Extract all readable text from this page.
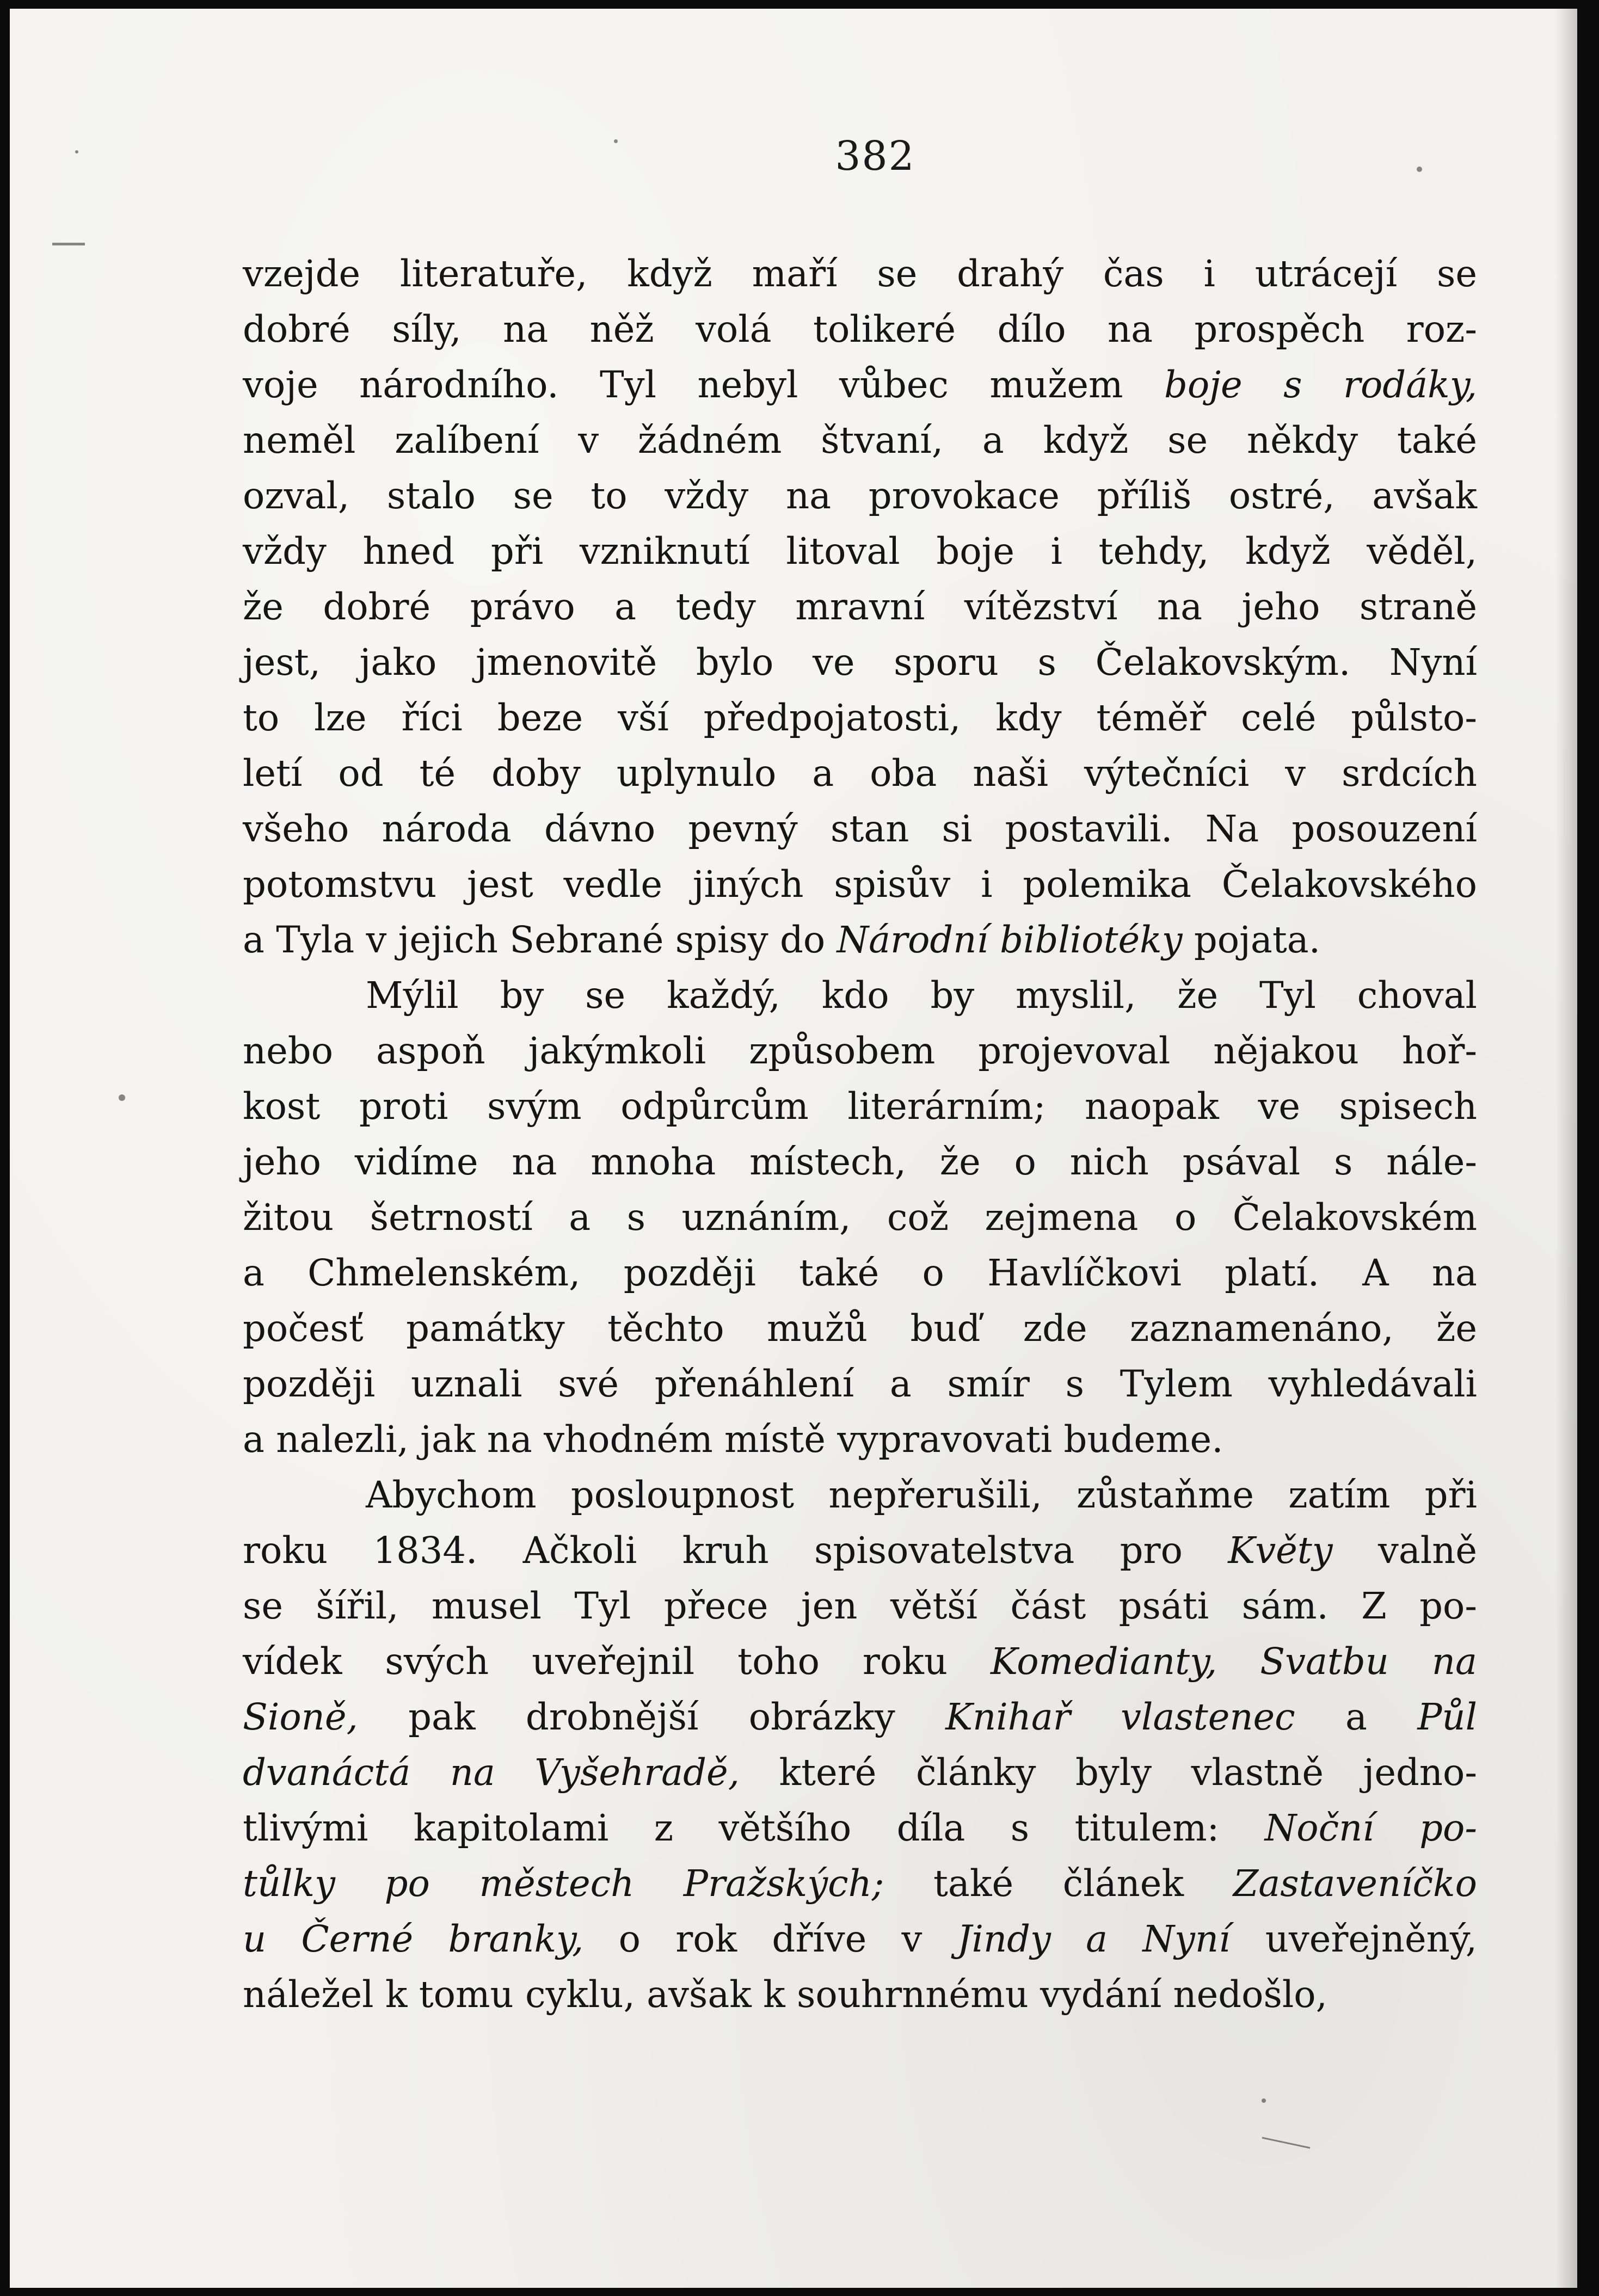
382
vzejde literatuře, když maří se drahý čas i utrácejí se
dobré síly, na něž volá tolikeré dílo na prospěch roz-
voje národního. Tyl nebyl vůbec mužem boje s rodáky,
neměl zalíbení v žádném štvaní, a když se někdy také
ozval, stalo se to vždy na provokace příliš ostré, avšak
vždy hned při vzniknutí litoval boje i tehdy, když věděl,
že dobré právo a tedy mravní vítězství na jeho straně
jest, jako jmenovitě bylo ve sporu s Čelakovským. Nyní
to lze říci beze vší předpojatosti, kdy téměř celé půlsto-
letí od té doby uplynulo a oba naši výtečníci v srdcích
všeho národa dávno pevný stan si postavili. Na posouzení
potomstvu jest vedle jiných spisův i polemika Čelakovského
a Tyla v jejich Sebrané spisy do Národní bibliotéky pojata.
Mýlil by se každý, kdo by myslil, že Tyl choval
nebo aspoň jakýmkoli způsobem projevoval nějakou hoř-
kost proti svým odpůrcům literárním; naopak ve spisech
jeho vidíme na mnoha místech, že o nich psával s nále-
žitou šetrností a s uznáním, což zejmena o Čelakovském
a Chmelenském, později také o Havlíčkovi platí. A na
počesť památky těchto mužů buď zde zaznamenáno, že
později uznali své přenáhlení a smír s Tylem vyhledávali
a nalezli, jak na vhodném místě vypravovati budeme.
Abychom posloupnost nepřerušili, zůstaňme zatím při
roku 1834. Ačkoli kruh spisovatelstva pro Květy valně
se šířil, musel Tyl přece jen větší část psáti sám. Z po-
vídek svých uveřejnil toho roku Komedianty, Svatbu na
Sioně, pak drobnější obrázky Knihař vlastenec a Půl
dvanáctá na Vyšehradě, které články byly vlastně jedno-
tlivými kapitolami z většího díla s titulem: Noční po-
tůlky po městech Pražských; také článek Zastaveníčko
u Černé branky, o rok dříve v Jindy a Nyní uveřejněný,
náležel k tomu cyklu, avšak k souhrnnému vydání nedošlo,
